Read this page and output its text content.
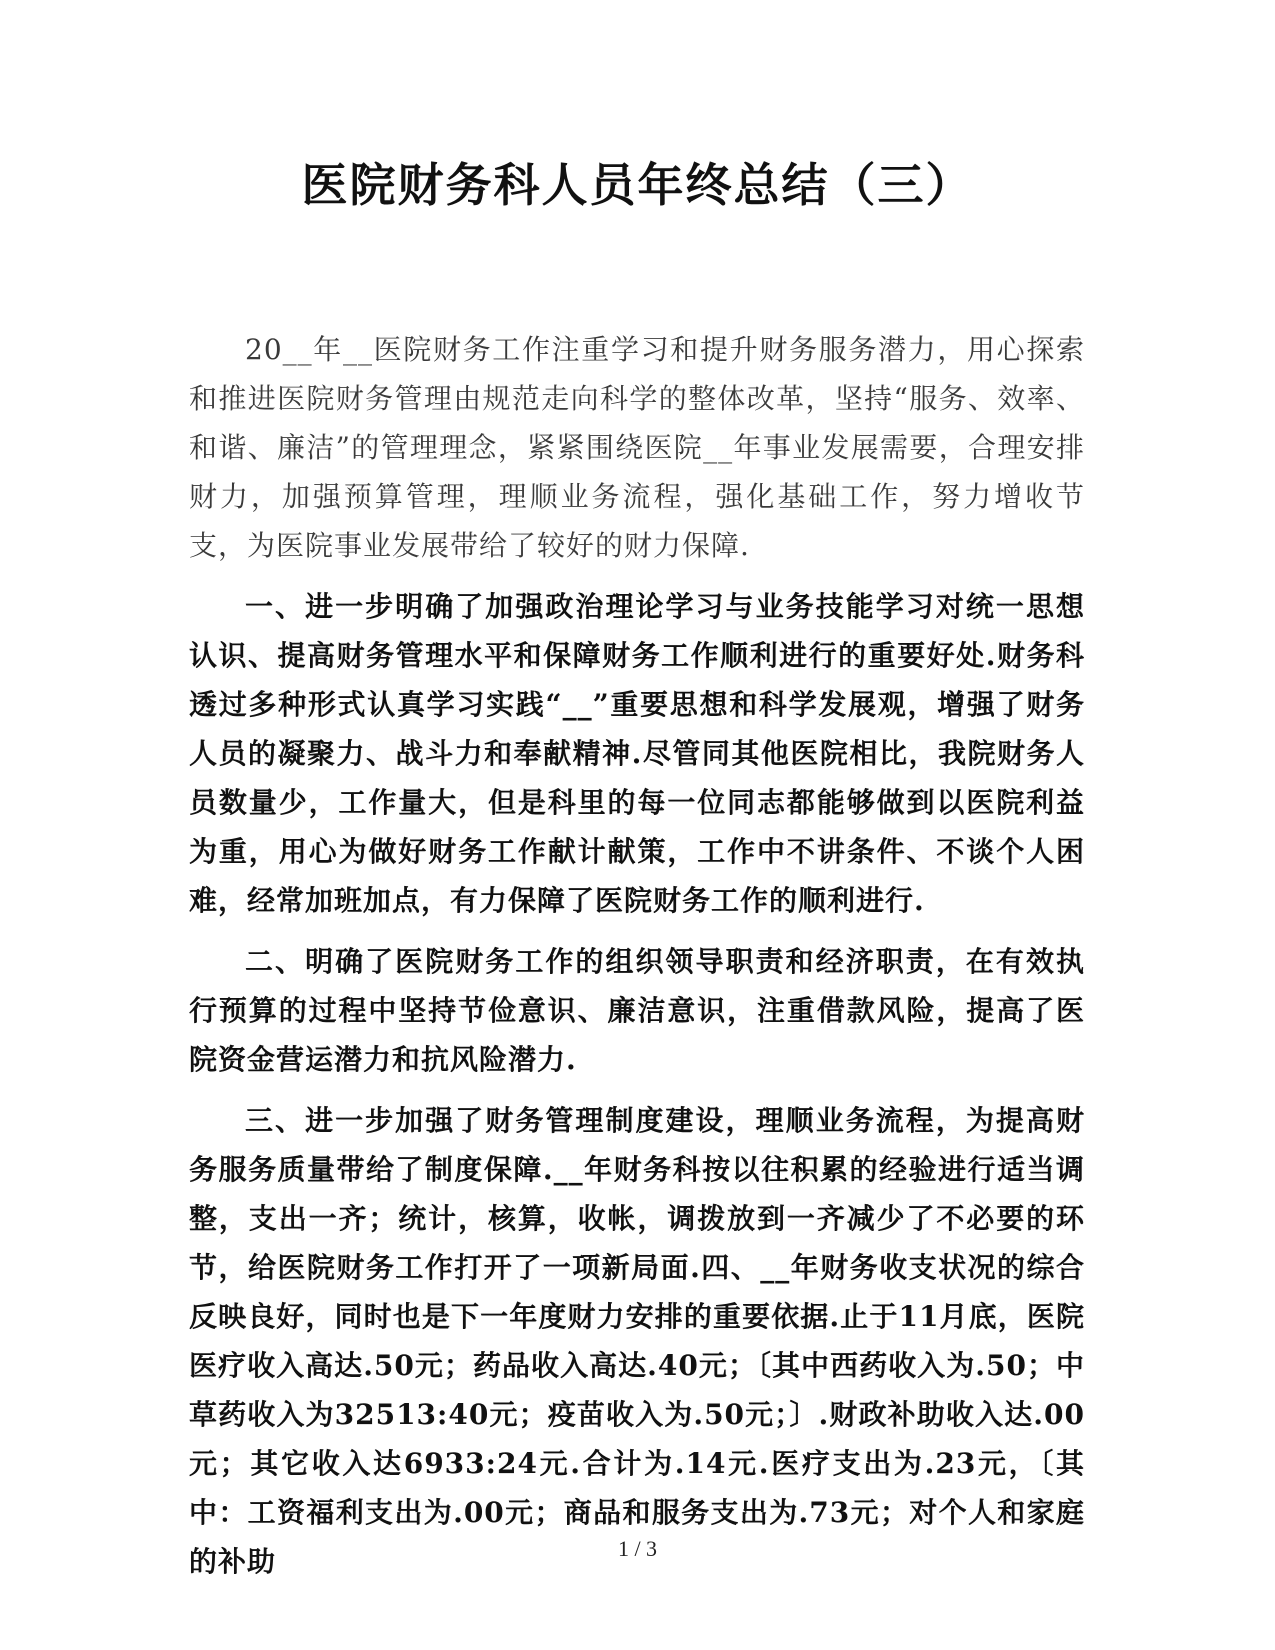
医院财务科人员年终总结（三）

20__年__医院财务工作注重学习和提升财务服务潜力，用心探索和推进医院财务管理由规范走向科学的整体改革，坚持“服务、效率、和谐、廉洁”的管理理念，紧紧围绕医院__年事业发展需要，合理安排财力，加强预算管理，理顺业务流程，强化基础工作，努力增收节支，为医院事业发展带给了较好的财力保障.

一、进一步明确了加强政治理论学习与业务技能学习对统一思想认识、提高财务管理水平和保障财务工作顺利进行的重要好处.财务科透过多种形式认真学习实践“__”重要思想和科学发展观，增强了财务人员的凝聚力、战斗力和奉献精神.尽管同其他医院相比，我院财务人员数量少，工作量大，但是科里的每一位同志都能够做到以医院利益为重，用心为做好财务工作献计献策，工作中不讲条件、不谈个人困难，经常加班加点，有力保障了医院财务工作的顺利进行.

二、明确了医院财务工作的组织领导职责和经济职责，在有效执行预算的过程中坚持节俭意识、廉洁意识，注重借款风险，提高了医院资金营运潜力和抗风险潜力.

三、进一步加强了财务管理制度建设，理顺业务流程，为提高财务服务质量带给了制度保障.__年财务科按以往积累的经验进行适当调整，支出一齐；统计，核算，收帐，调拨放到一齐减少了不必要的环节，给医院财务工作打开了一项新局面.四、__年财务收支状况的综合反映良好，同时也是下一年度财力安排的重要依据.止于11月底，医院医疗收入高达.50元；药品收入高达.40元；〔其中西药收入为.50；中草药收入为32513:40元；疫苗收入为.50元；〕.财政补助收入达.00元；其它收入达6933:24元.合计为.14元.医疗支出为.23元，〔其中：工资福利支出为.00元；商品和服务支出为.73元；对个人和家庭的补助	1 / 3
